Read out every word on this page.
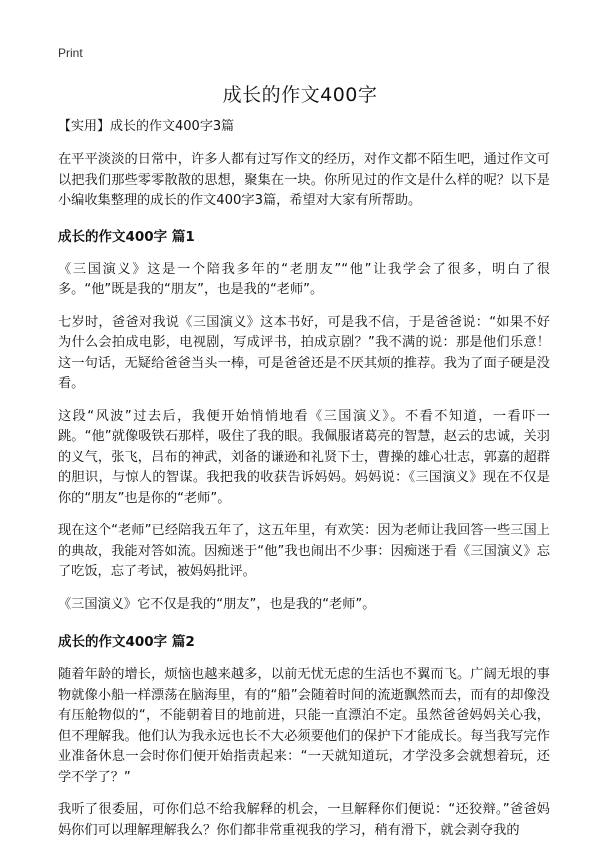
Print
成长的作文400字
【实用】成长的作文400字3篇

在平平淡淡的日常中，许多人都有过写作文的经历，对作文都不陌生吧，通过作文可以把我们那些零零散散的思想，聚集在一块。你所见过的作文是什么样的呢？以下是小编收集整理的成长的作文400字3篇，希望对大家有所帮助。

成长的作文400字 篇1

《三国演义》这是一个陪我多年的“老朋友”“他”让我学会了很多，明白了很多。“他”既是我的“朋友”，也是我的“老师”。

七岁时，爸爸对我说《三国演义》这本书好，可是我不信，于是爸爸说：“如果不好为什么会拍成电影，电视剧，写成评书，拍成京剧？”我不满的说：那是他们乐意！这一句话，无疑给爸爸当头一棒，可是爸爸还是不厌其烦的推荐。我为了面子硬是没看。

这段“风波”过去后，我便开始悄悄地看《三国演义》。不看不知道，一看吓一跳。“他”就像吸铁石那样，吸住了我的眼。我佩服诸葛亮的智慧，赵云的忠诚，关羽的义气，张飞，吕布的神武，刘备的谦逊和礼贤下士，曹操的雄心壮志，郭嘉的超群的胆识，与惊人的智谋。我把我的收获告诉妈妈。妈妈说：《三国演义》现在不仅是你的“朋友”也是你的“老师”。

现在这个“老师”已经陪我五年了，这五年里，有欢笑：因为老师让我回答一些三国上的典故，我能对答如流。因痴迷于“他”我也闹出不少事：因痴迷于看《三国演义》忘了吃饭，忘了考试，被妈妈批评。

《三国演义》它不仅是我的“朋友”，也是我的“老师”。

成长的作文400字 篇2

随着年龄的增长，烦恼也越来越多，以前无忧无虑的生活也不翼而飞。广阔无垠的事物就像小船一样漂荡在脑海里，有的“船”会随着时间的流逝飘然而去，而有的却像没有压舱物似的“，不能朝着目的地前进，只能一直漂泊不定。虽然爸爸妈妈关心我，但不理解我。他们认为我永远也长不大必须要他们的保护下才能成长。每当我写完作业准备休息一会时你们便开始指责起来：“一天就知道玩，才学没多会就想着玩，还学不学了？”

我听了很委屈，可你们总不给我解释的机会，一旦解释你们便说：“还狡辩。”爸爸妈妈你们可以理解理解我么？你们都非常重视我的学习，稍有滑下，就会剥夺我的
